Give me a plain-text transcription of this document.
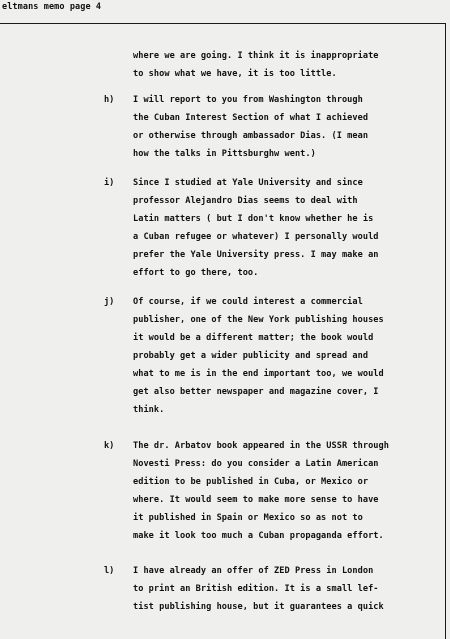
eltmans memo page 4
where we are going. I think it is inappropriate
to show what we have, it is too little.
h) I will report to you from Washington through
the Cuban Interest Section of what I achieved
or otherwise through ambassador Dias. (I mean
how the talks in Pittsburghw went.)
i) Since I studied at Yale University and since
professor Alejandro Dias seems to deal with
Latin matters ( but I don't know whether he is
a Cuban refugee or whatever) I personally would
prefer the Yale University press. I may make an
effort to go there, too.
j) Of course, if we could interest a commercial
publisher, one of the New York publishing houses
it would be a different matter; the book would
probably get a wider publicity and spread and
what to me is in the end important too, we would
get also better newspaper and magazine cover, I
think.
k) The dr. Arbatov book appeared in the USSR through
Novesti Press: do you consider a Latin American
edition to be published in Cuba, or Mexico or
where. It would seem to make more sense to have
it published in Spain or Mexico so as not to
make it look too much a Cuban propaganda effort.
l) I have already an offer of ZED Press in London
to print an British edition. It is a small lef-
tist publishing house, but it guarantees a quick
